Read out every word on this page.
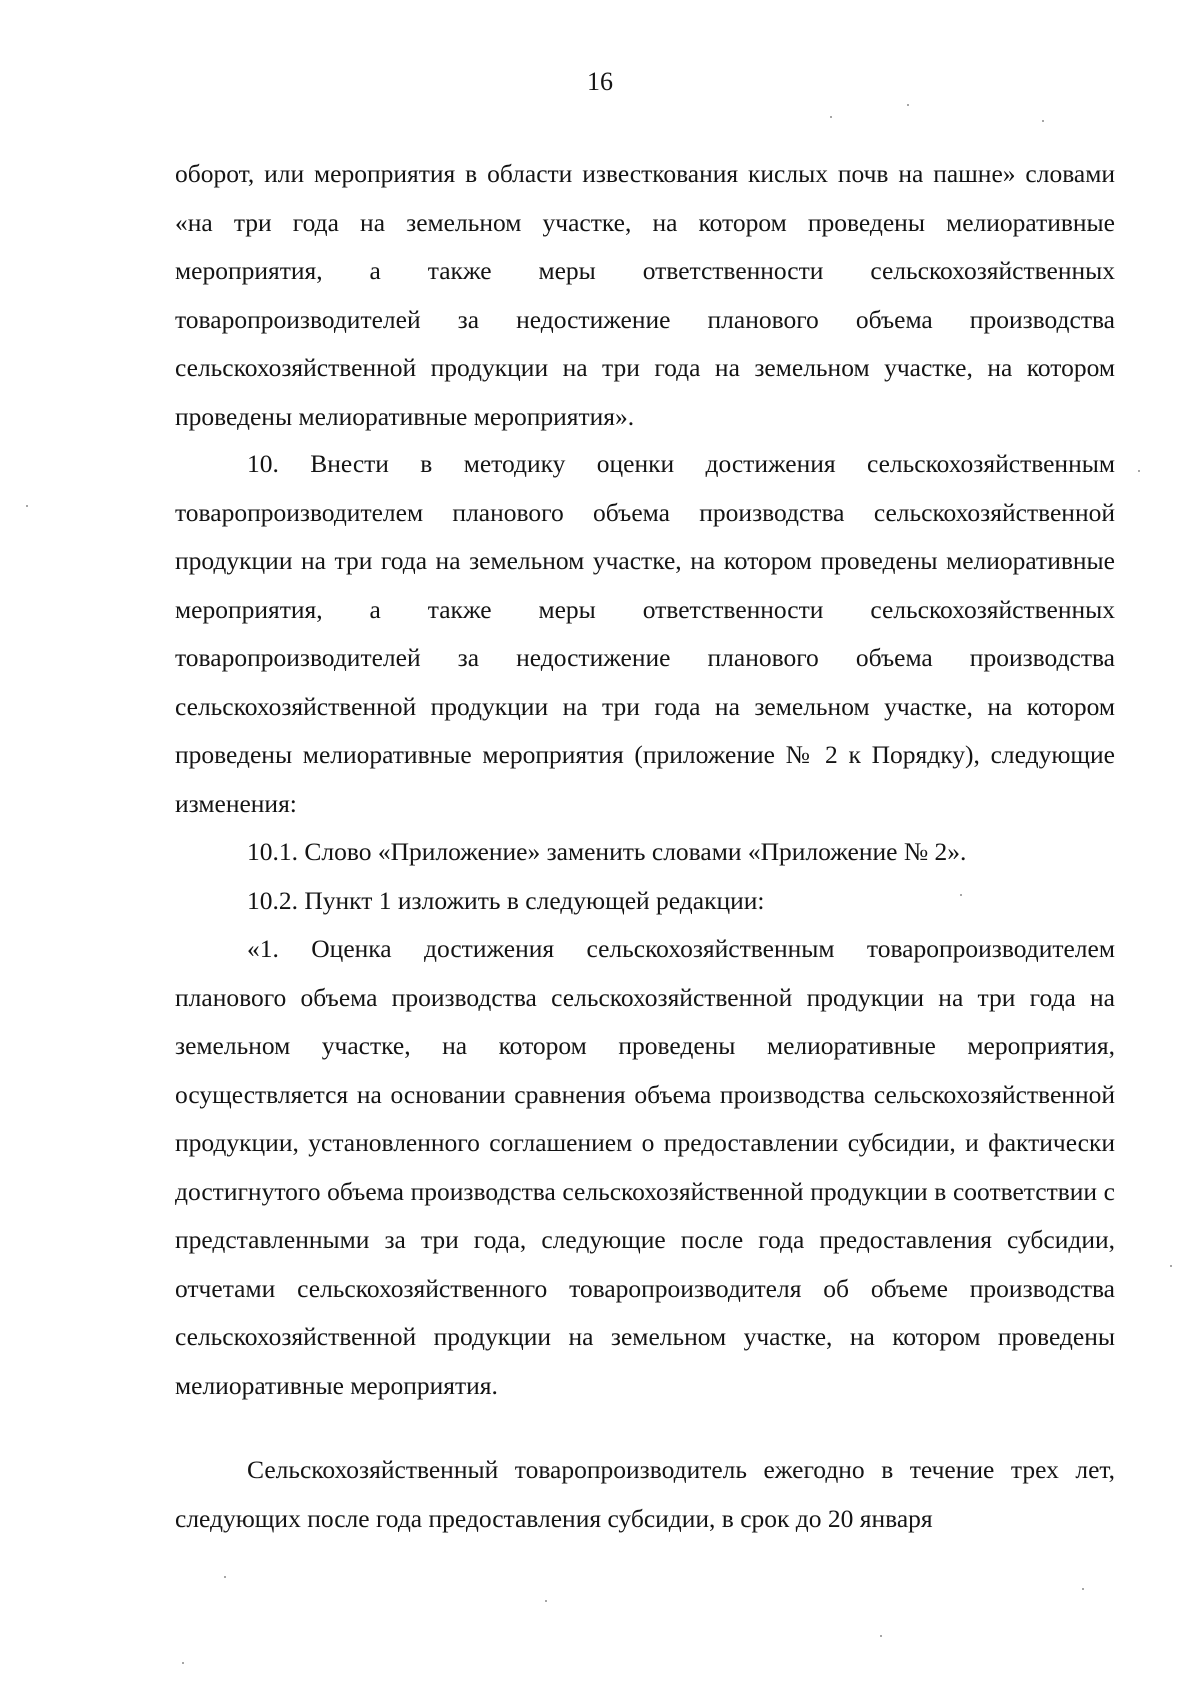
16

оборот, или мероприятия в области известкования кислых почв на пашне» словами «на три года на земельном участке, на котором проведены мелиоративные мероприятия, а также меры ответственности сельскохозяйственных товаропроизводителей за недостижение планового объема производства сельскохозяйственной продукции на три года на земельном участке, на котором проведены мелиоративные мероприятия».

10. Внести в методику оценки достижения сельскохозяйственным товаропроизводителем планового объема производства сельскохозяйственной продукции на три года на земельном участке, на котором проведены мелиоративные мероприятия, а также меры ответственности сельскохозяйственных товаропроизводителей за недостижение планового объема производства сельскохозяйственной продукции на три года на земельном участке, на котором проведены мелиоративные мероприятия (приложение № 2 к Порядку), следующие изменения:

10.1. Слово «Приложение» заменить словами «Приложение № 2».

10.2. Пункт 1 изложить в следующей редакции:

«1. Оценка достижения сельскохозяйственным товаропроизводителем планового объема производства сельскохозяйственной продукции на три года на земельном участке, на котором проведены мелиоративные мероприятия, осуществляется на основании сравнения объема производства сельскохозяйственной продукции, установленного соглашением о предоставлении субсидии, и фактически достигнутого объема производства сельскохозяйственной продукции в соответствии с представленными за три года, следующие после года предоставления субсидии, отчетами сельскохозяйственного товаропроизводителя об объеме производства сельскохозяйственной продукции на земельном участке, на котором проведены мелиоративные мероприятия.

Сельскохозяйственный товаропроизводитель ежегодно в течение трех лет, следующих после года предоставления субсидии, в срок до 20 января
